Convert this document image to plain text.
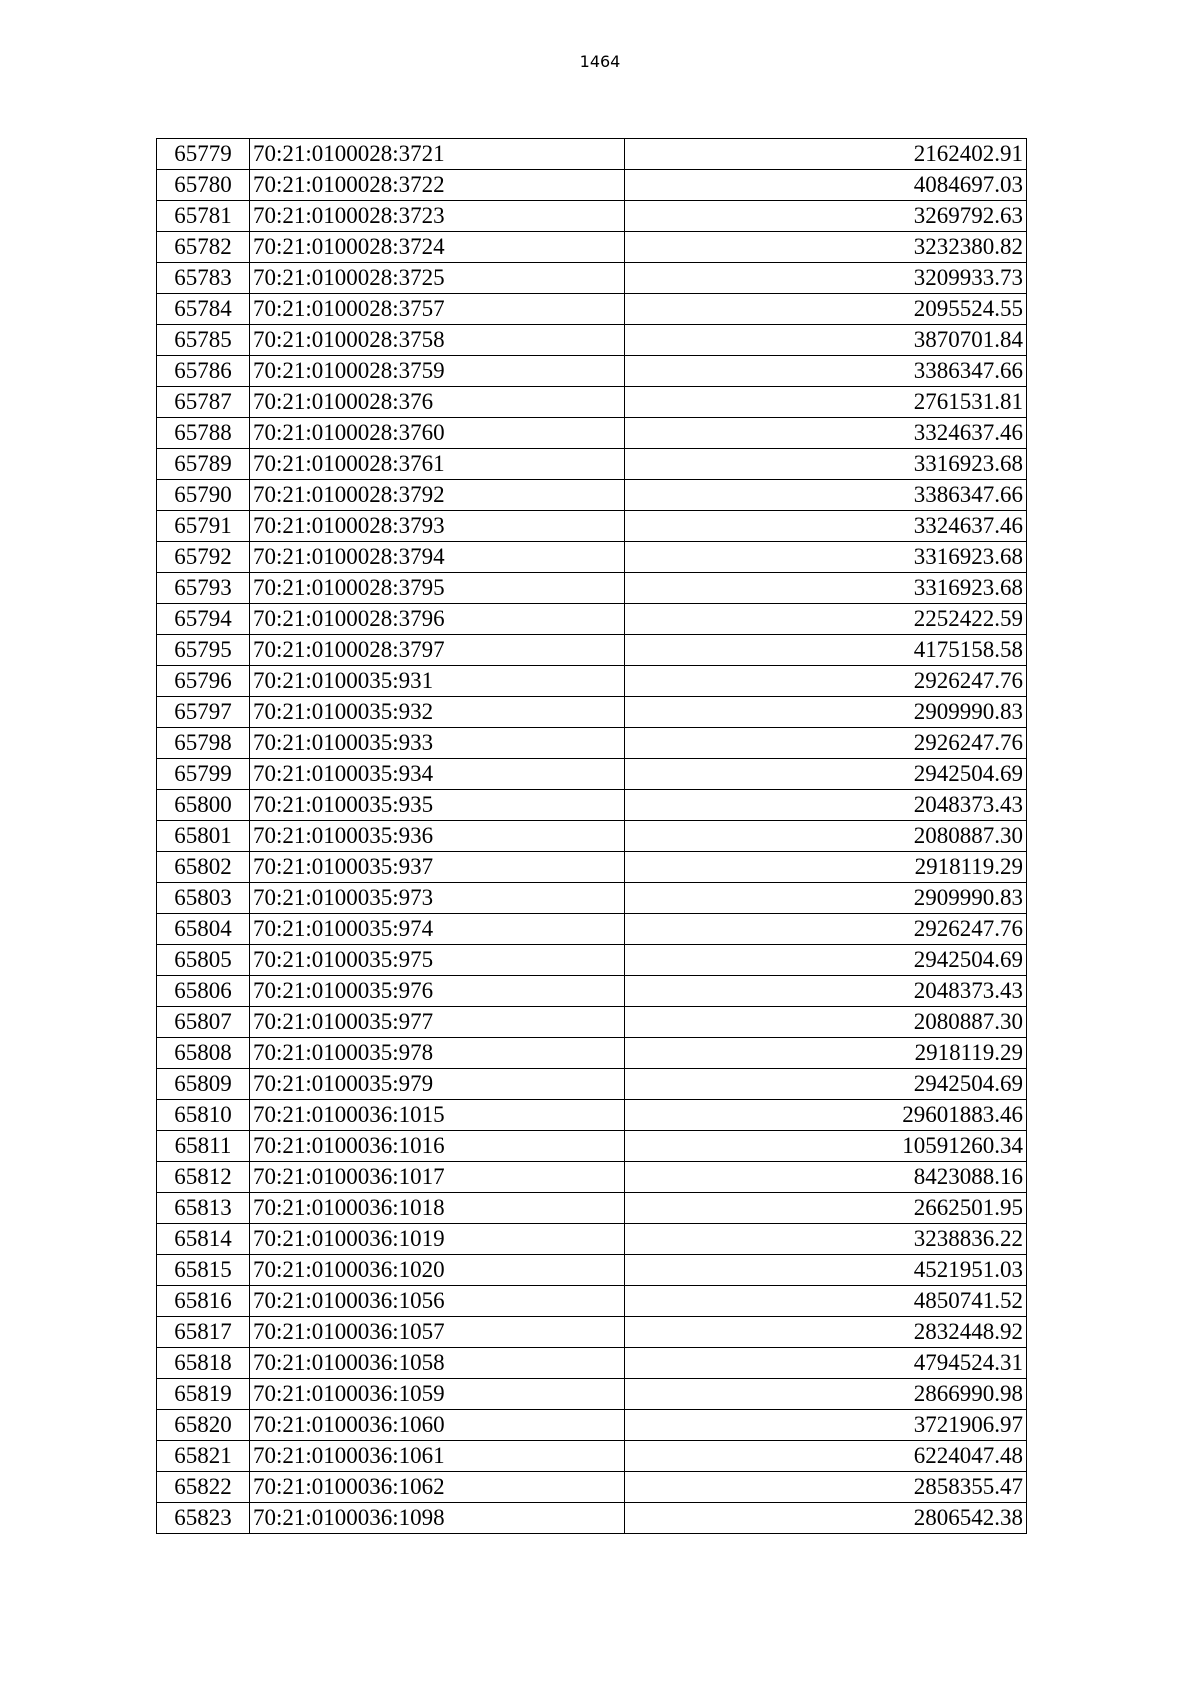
1464
65779	70:21:0100028:3721	2162402.91
65780	70:21:0100028:3722	4084697.03
65781	70:21:0100028:3723	3269792.63
65782	70:21:0100028:3724	3232380.82
65783	70:21:0100028:3725	3209933.73
65784	70:21:0100028:3757	2095524.55
65785	70:21:0100028:3758	3870701.84
65786	70:21:0100028:3759	3386347.66
65787	70:21:0100028:376	2761531.81
65788	70:21:0100028:3760	3324637.46
65789	70:21:0100028:3761	3316923.68
65790	70:21:0100028:3792	3386347.66
65791	70:21:0100028:3793	3324637.46
65792	70:21:0100028:3794	3316923.68
65793	70:21:0100028:3795	3316923.68
65794	70:21:0100028:3796	2252422.59
65795	70:21:0100028:3797	4175158.58
65796	70:21:0100035:931	2926247.76
65797	70:21:0100035:932	2909990.83
65798	70:21:0100035:933	2926247.76
65799	70:21:0100035:934	2942504.69
65800	70:21:0100035:935	2048373.43
65801	70:21:0100035:936	2080887.30
65802	70:21:0100035:937	2918119.29
65803	70:21:0100035:973	2909990.83
65804	70:21:0100035:974	2926247.76
65805	70:21:0100035:975	2942504.69
65806	70:21:0100035:976	2048373.43
65807	70:21:0100035:977	2080887.30
65808	70:21:0100035:978	2918119.29
65809	70:21:0100035:979	2942504.69
65810	70:21:0100036:1015	29601883.46
65811	70:21:0100036:1016	10591260.34
65812	70:21:0100036:1017	8423088.16
65813	70:21:0100036:1018	2662501.95
65814	70:21:0100036:1019	3238836.22
65815	70:21:0100036:1020	4521951.03
65816	70:21:0100036:1056	4850741.52
65817	70:21:0100036:1057	2832448.92
65818	70:21:0100036:1058	4794524.31
65819	70:21:0100036:1059	2866990.98
65820	70:21:0100036:1060	3721906.97
65821	70:21:0100036:1061	6224047.48
65822	70:21:0100036:1062	2858355.47
65823	70:21:0100036:1098	2806542.38
